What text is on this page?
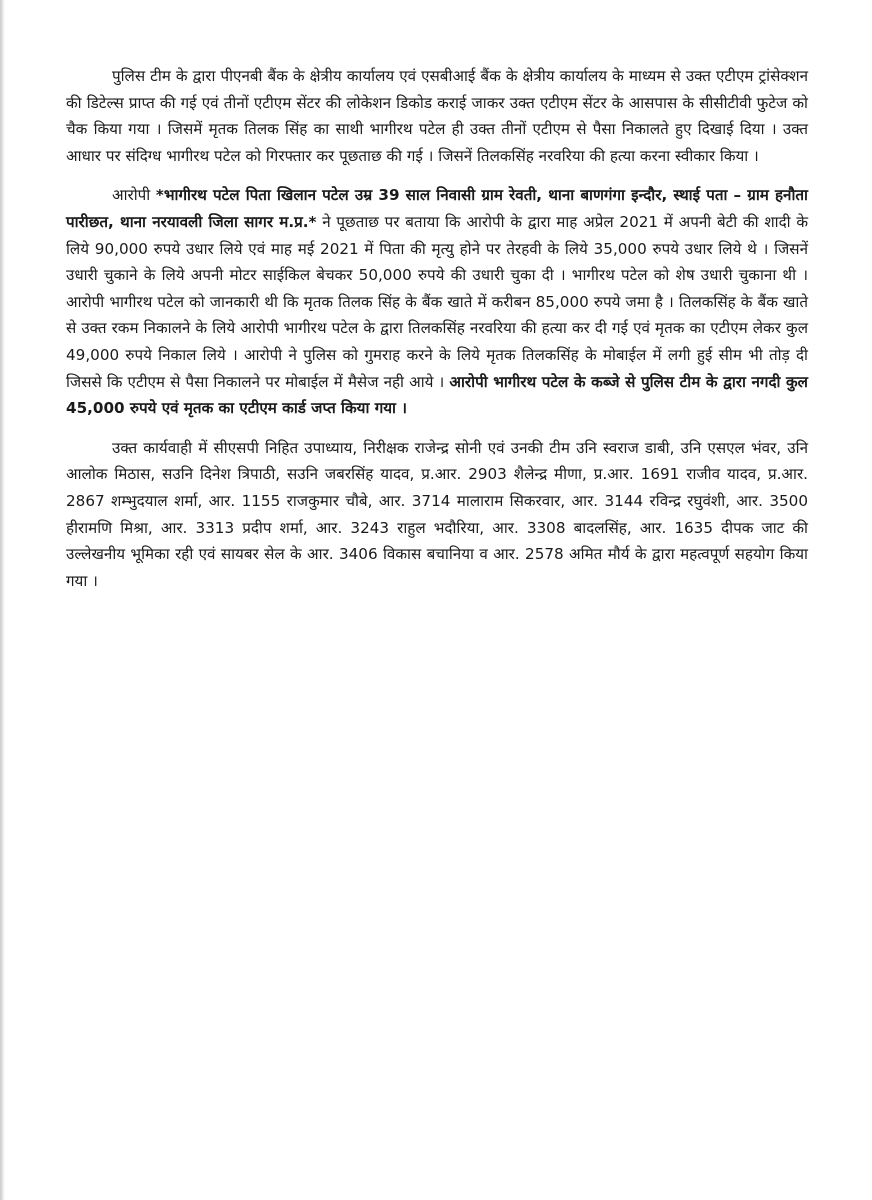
पुलिस टीम के द्वारा पीएनबी बैंक के क्षेत्रीय कार्यालय एवं एसबीआई बैंक के क्षेत्रीय कार्यालय के माध्यम से उक्त एटीएम ट्रांसेक्शन की डिटेल्स प्राप्त की गई एवं तीनों एटीएम सेंटर की लोकेशन डिकोड कराई जाकर उक्त एटीएम सेंटर के आसपास के सीसीटीवी फुटेज को चैक किया गया । जिसमें मृतक तिलक सिंह का साथी भागीरथ पटेल ही उक्त तीनों एटीएम से पैसा निकालते हुए दिखाई दिया । उक्त आधार पर संदिग्ध भागीरथ पटेल को गिरफ्तार कर पूछताछ की गई । जिसनें तिलकसिंह नरवरिया की हत्या करना स्वीकार किया ।

आरोपी *भागीरथ पटेल पिता खिलान पटेल उम्र 39 साल निवासी ग्राम रेवती, थाना बाणगंगा इन्दौर, स्थाई पता – ग्राम हनौता पारीछत, थाना नरयावली जिला सागर म.प्र.* ने पूछताछ पर बताया कि आरोपी के द्वारा माह अप्रेल 2021 में अपनी बेटी की शादी के लिये 90,000 रुपये उधार लिये एवं माह मई 2021 में पिता की मृत्यु होने पर तेरहवी के लिये 35,000 रुपये उधार लिये थे । जिसनें उधारी चुकाने के लिये अपनी मोटर साईकिल बेचकर 50,000 रुपये की उधारी चुका दी । भागीरथ पटेल को शेष उधारी चुकाना थी । आरोपी भागीरथ पटेल को जानकारी थी कि मृतक तिलक सिंह के बैंक खाते में करीबन 85,000 रुपये जमा है । तिलकसिंह के बैंक खाते से उक्त रकम निकालने के लिये आरोपी भागीरथ पटेल के द्वारा तिलकसिंह नरवरिया की हत्या कर दी गई एवं मृतक का एटीएम लेकर कुल 49,000 रुपये निकाल लिये । आरोपी ने पुलिस को गुमराह करने के लिये मृतक तिलकसिंह के मोबाईल में लगी हुई सीम भी तोड़ दी जिससे कि एटीएम से पैसा निकालने पर मोबाईल में मैसेज नही आये । आरोपी भागीरथ पटेल के कब्जे से पुलिस टीम के द्वारा नगदी कुल 45,000 रुपये एवं मृतक का एटीएम कार्ड जप्त किया गया ।

उक्त कार्यवाही में सीएसपी निहित उपाध्याय, निरीक्षक राजेन्द्र सोनी एवं उनकी टीम उनि स्वराज डाबी, उनि एसएल भंवर, उनि आलोक मिठास, सउनि दिनेश त्रिपाठी, सउनि जबरसिंह यादव, प्र.आर. 2903 शैलेन्द्र मीणा, प्र.आर. 1691 राजीव यादव, प्र.आर. 2867 शम्भुदयाल शर्मा, आर. 1155 राजकुमार चौबे, आर. 3714 मालाराम सिकरवार, आर. 3144 रविन्द्र रघुवंशी, आर. 3500 हीरामणि मिश्रा, आर. 3313 प्रदीप शर्मा, आर. 3243 राहुल भदौरिया, आर. 3308 बादलसिंह, आर. 1635 दीपक जाट की उल्लेखनीय भूमिका रही एवं सायबर सेल के आर. 3406 विकास बचानिया व आर. 2578 अमित मौर्य के द्वारा महत्वपूर्ण सहयोग किया गया ।
